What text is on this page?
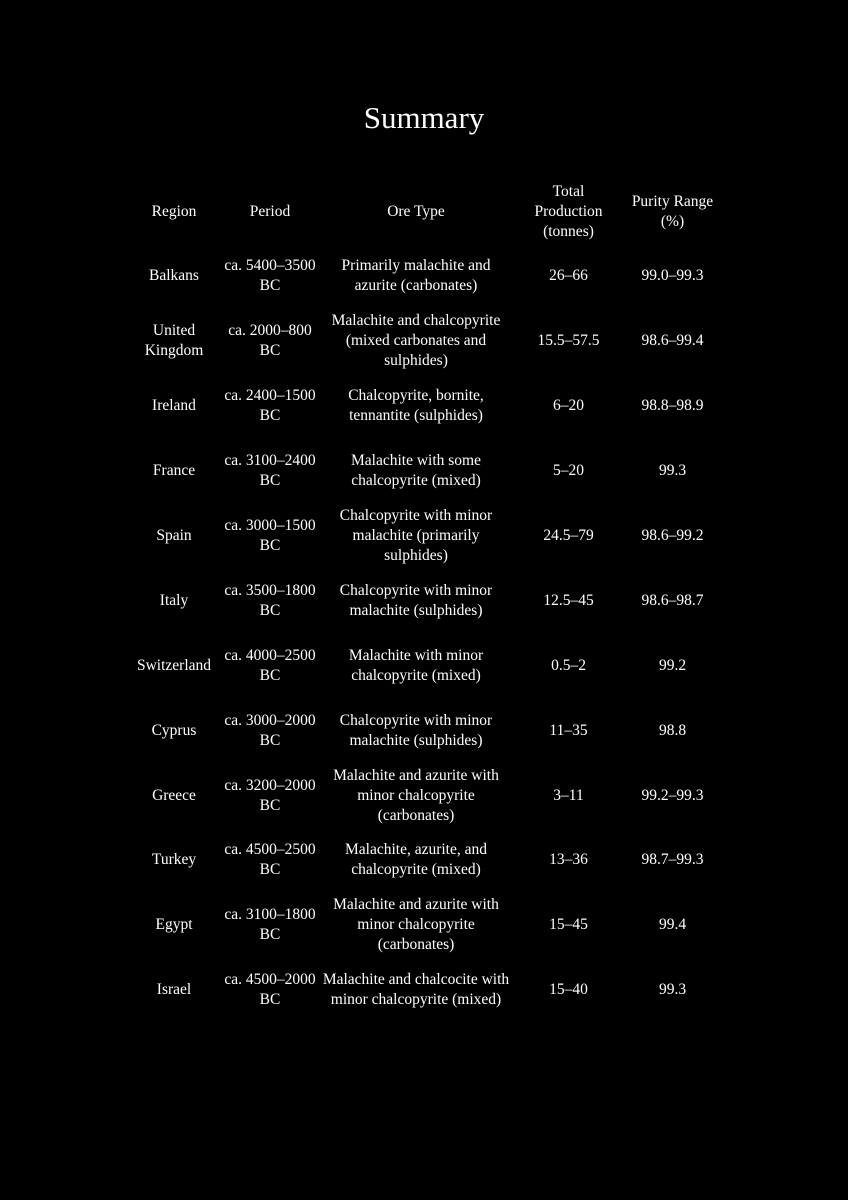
Summary
Region	Period	Ore Type	Total Production (tonnes)	Purity Range (%)

Balkans	ca. 5400–3500 BC	Primarily malachite and azurite (carbonates)	26–66	99.0–99.3

United Kingdom	ca. 2000–800 BC	Malachite and chalcopyrite (mixed carbonates and sulphides)	15.5–57.5	98.6–99.4

Ireland	ca. 2400–1500 BC	Chalcopyrite, bornite, tennantite (sulphides)	6–20	98.8–98.9

France	ca. 3100–2400 BC	Malachite with some chalcopyrite (mixed)	5–20	99.3

Spain	ca. 3000–1500 BC	Chalcopyrite with minor malachite (primarily sulphides)	24.5–79	98.6–99.2

Italy	ca. 3500–1800 BC	Chalcopyrite with minor malachite (sulphides)	12.5–45	98.6–98.7

Switzerland	ca. 4000–2500 BC	Malachite with minor chalcopyrite (mixed)	0.5–2	99.2

Cyprus	ca. 3000–2000 BC	Chalcopyrite with minor malachite (sulphides)	11–35	98.8

Greece	ca. 3200–2000 BC	Malachite and azurite with minor chalcopyrite (carbonates)	3–11	99.2–99.3

Turkey	ca. 4500–2500 BC	Malachite, azurite, and chalcopyrite (mixed)	13–36	98.7–99.3

Egypt	ca. 3100–1800 BC	Malachite and azurite with minor chalcopyrite (carbonates)	15–45	99.4

Israel	ca. 4500–2000 BC	Malachite and chalcocite with minor chalcopyrite (mixed)	15–40	99.3
